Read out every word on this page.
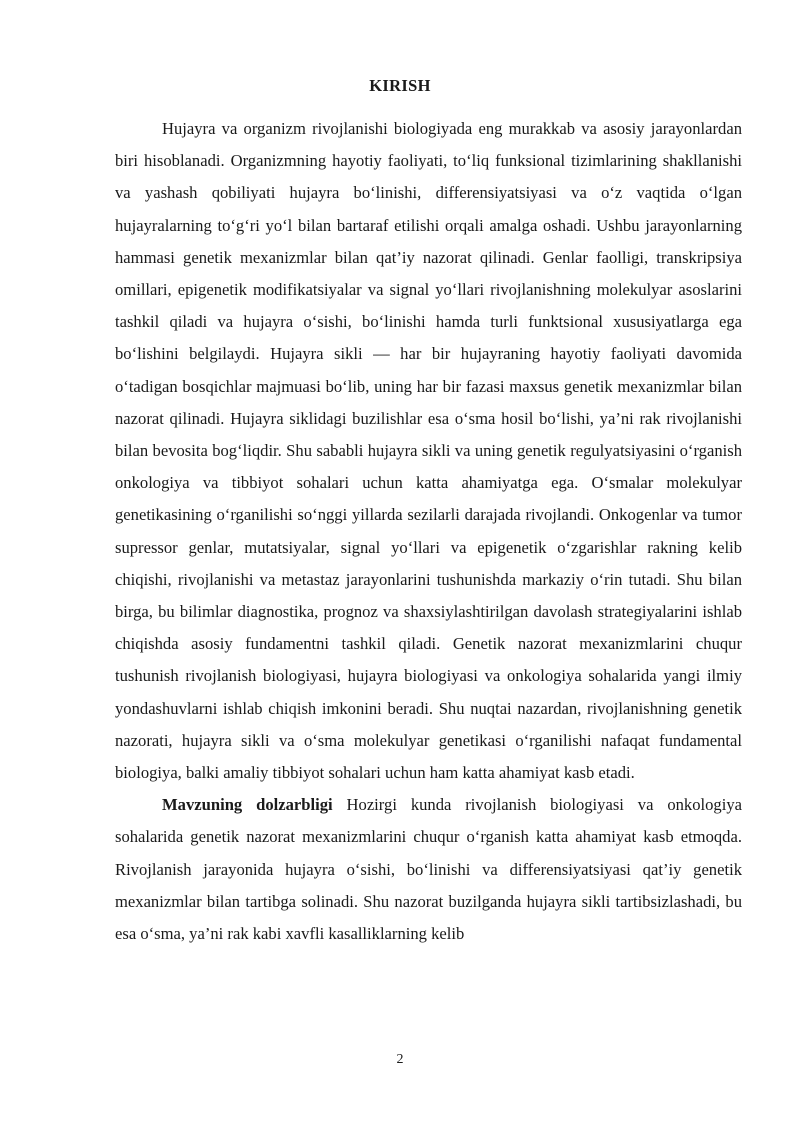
KIRISH

Hujayra va organizm rivojlanishi biologiyada eng murakkab va asosiy jarayonlardan biri hisoblanadi. Organizmning hayotiy faoliyati, to‘liq funksional tizimlarining shakllanishi va yashash qobiliyati hujayra bo‘linishi, differensiyatsiyasi va o‘z vaqtida o‘lgan hujayralarning to‘g‘ri yo‘l bilan bartaraf etilishi orqali amalga oshadi. Ushbu jarayonlarning hammasi genetik mexanizmlar bilan qat’iy nazorat qilinadi. Genlar faolligi, transkripsiya omillari, epigenetik modifikatsiyalar va signal yo‘llari rivojlanishning molekulyar asoslarini tashkil qiladi va hujayra o‘sishi, bo‘linishi hamda turli funktsional xususiyatlarga ega bo‘lishini belgilaydi. Hujayra sikli — har bir hujayraning hayotiy faoliyati davomida o‘tadigan bosqichlar majmuasi bo‘lib, uning har bir fazasi maxsus genetik mexanizmlar bilan nazorat qilinadi. Hujayra siklidagi buzilishlar esa o‘sma hosil bo‘lishi, ya’ni rak rivojlanishi bilan bevosita bog‘liqdir. Shu sababli hujayra sikli va uning genetik regulyatsiyasini o‘rganish onkologiya va tibbiyot sohalari uchun katta ahamiyatga ega. O‘smalar molekulyar genetikasining o‘rganilishi so‘nggi yillarda sezilarli darajada rivojlandi. Onkogenlar va tumor supressor genlar, mutatsiyalar, signal yo‘llari va epigenetik o‘zgarishlar rakning kelib chiqishi, rivojlanishi va metastaz jarayonlarini tushunishda markaziy o‘rin tutadi. Shu bilan birga, bu bilimlar diagnostika, prognoz va shaxsiylashtirilgan davolash strategiyalarini ishlab chiqishda asosiy fundamentni tashkil qiladi. Genetik nazorat mexanizmlarini chuqur tushunish rivojlanish biologiyasi, hujayra biologiyasi va onkologiya sohalarida yangi ilmiy yondashuvlarni ishlab chiqish imkonini beradi. Shu nuqtai nazardan, rivojlanishning genetik nazorati, hujayra sikli va o‘sma molekulyar genetikasi o‘rganilishi nafaqat fundamental biologiya, balki amaliy tibbiyot sohalari uchun ham katta ahamiyat kasb etadi.

Mavzuning dolzarbligi Hozirgi kunda rivojlanish biologiyasi va onkologiya sohalarida genetik nazorat mexanizmlarini chuqur o‘rganish katta ahamiyat kasb etmoqda. Rivojlanish jarayonida hujayra o‘sishi, bo‘linishi va differensiyatsiyasi qat’iy genetik mexanizmlar bilan tartibga solinadi. Shu nazorat buzilganda hujayra sikli tartibsizlashadi, bu esa o‘sma, ya’ni rak kabi xavfli kasalliklarning kelib

2
